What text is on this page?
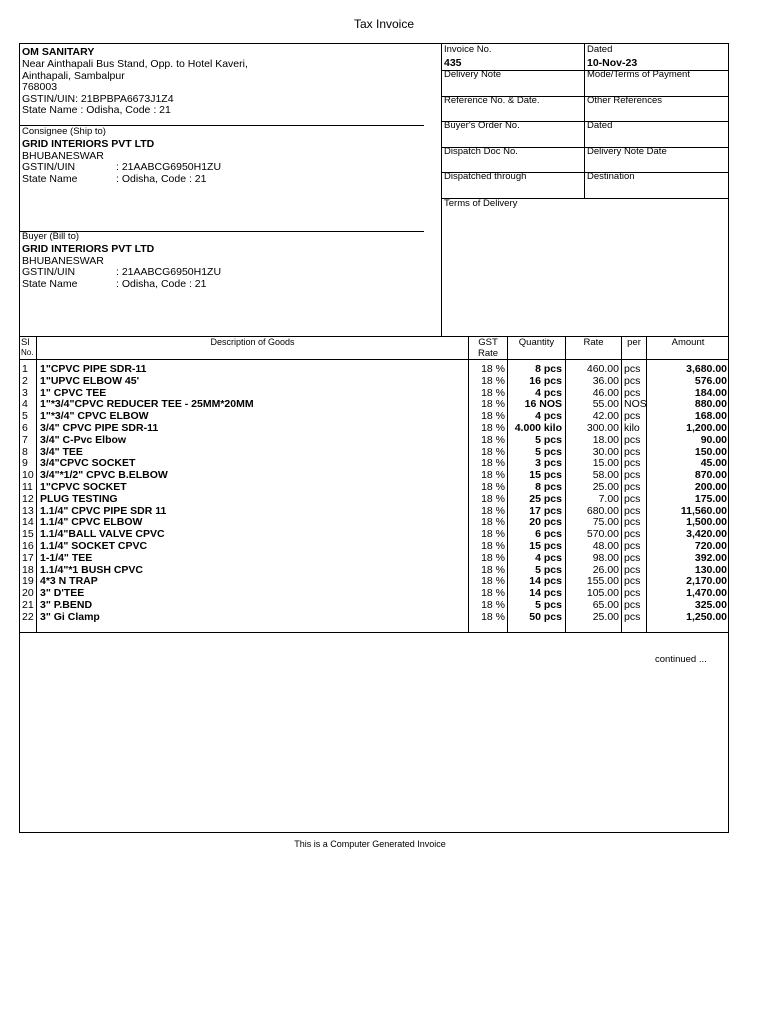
Tax Invoice
OM SANITARY
Near Ainthapali Bus Stand, Opp. to Hotel Kaveri,
Ainthapali, Sambalpur
768003
GSTIN/UIN: 21BPBPA6673J1Z4
State Name : Odisha, Code : 21
Consignee (Ship to)
GRID INTERIORS PVT LTD
BHUBANESWAR
GSTIN/UIN	: 21AABCG6950H1ZU
State Name	: Odisha, Code : 21
Buyer (Bill to)
GRID INTERIORS PVT LTD
BHUBANESWAR
GSTIN/UIN	: 21AABCG6950H1ZU
State Name	: Odisha, Code : 21
Invoice No.
435
Dated
10-Nov-23
Delivery Note	Mode/Terms of Payment
Reference No. & Date.	Other References
Buyer's Order No.	Dated
Dispatch Doc No.	Delivery Note Date
Dispatched through	Destination
Terms of Delivery
Sl
No.
Description of Goods	GST
Rate
Quantity	Rate	per	Amount
1 1"CPVC PIPE SDR-11	18 %	8 pcs	460.00 pcs	3,680.00
2 1"UPVC ELBOW 45'	18 %	16 pcs	36.00 pcs	576.00
3 1" CPVC TEE	18 %	4 pcs	46.00 pcs	184.00
4 1"*3/4"CPVC REDUCER TEE - 25MM*20MM	18 %	16 NOS	55.00 NOS	880.00
5 1"*3/4" CPVC ELBOW	18 %	4 pcs	42.00 pcs	168.00
6 3/4" CPVC PIPE SDR-11	18 % 4.000 kilo	300.00 kilo	1,200.00
7 3/4" C-Pvc Elbow	18 %	5 pcs	18.00 pcs	90.00
8 3/4" TEE	18 %	5 pcs	30.00 pcs	150.00
9 3/4"CPVC SOCKET	18 %	3 pcs	15.00 pcs	45.00
10 3/4"*1/2" CPVC B.ELBOW	18 %	15 pcs	58.00 pcs	870.00
11 1"CPVC SOCKET	18 %	8 pcs	25.00 pcs	200.00
12 PLUG TESTING	18 %	25 pcs	7.00 pcs	175.00
13 1.1/4" CPVC PIPE SDR 11	18 %	17 pcs	680.00 pcs	11,560.00
14 1.1/4" CPVC ELBOW	18 %	20 pcs	75.00 pcs	1,500.00
15 1.1/4"BALL VALVE CPVC	18 %	6 pcs	570.00 pcs	3,420.00
16 1.1/4" SOCKET CPVC	18 %	15 pcs	48.00 pcs	720.00
17 1-1/4" TEE	18 %	4 pcs	98.00 pcs	392.00
18 1.1/4"*1 BUSH CPVC	18 %	5 pcs	26.00 pcs	130.00
19 4*3 N TRAP	18 %	14 pcs	155.00 pcs	2,170.00
20 3" D'TEE	18 %	14 pcs	105.00 pcs	1,470.00
21 3" P.BEND	18 %	5 pcs	65.00 pcs	325.00
22 3" Gi Clamp	18 %	50 pcs	25.00 pcs	1,250.00
continued ...
This is a Computer Generated Invoice
